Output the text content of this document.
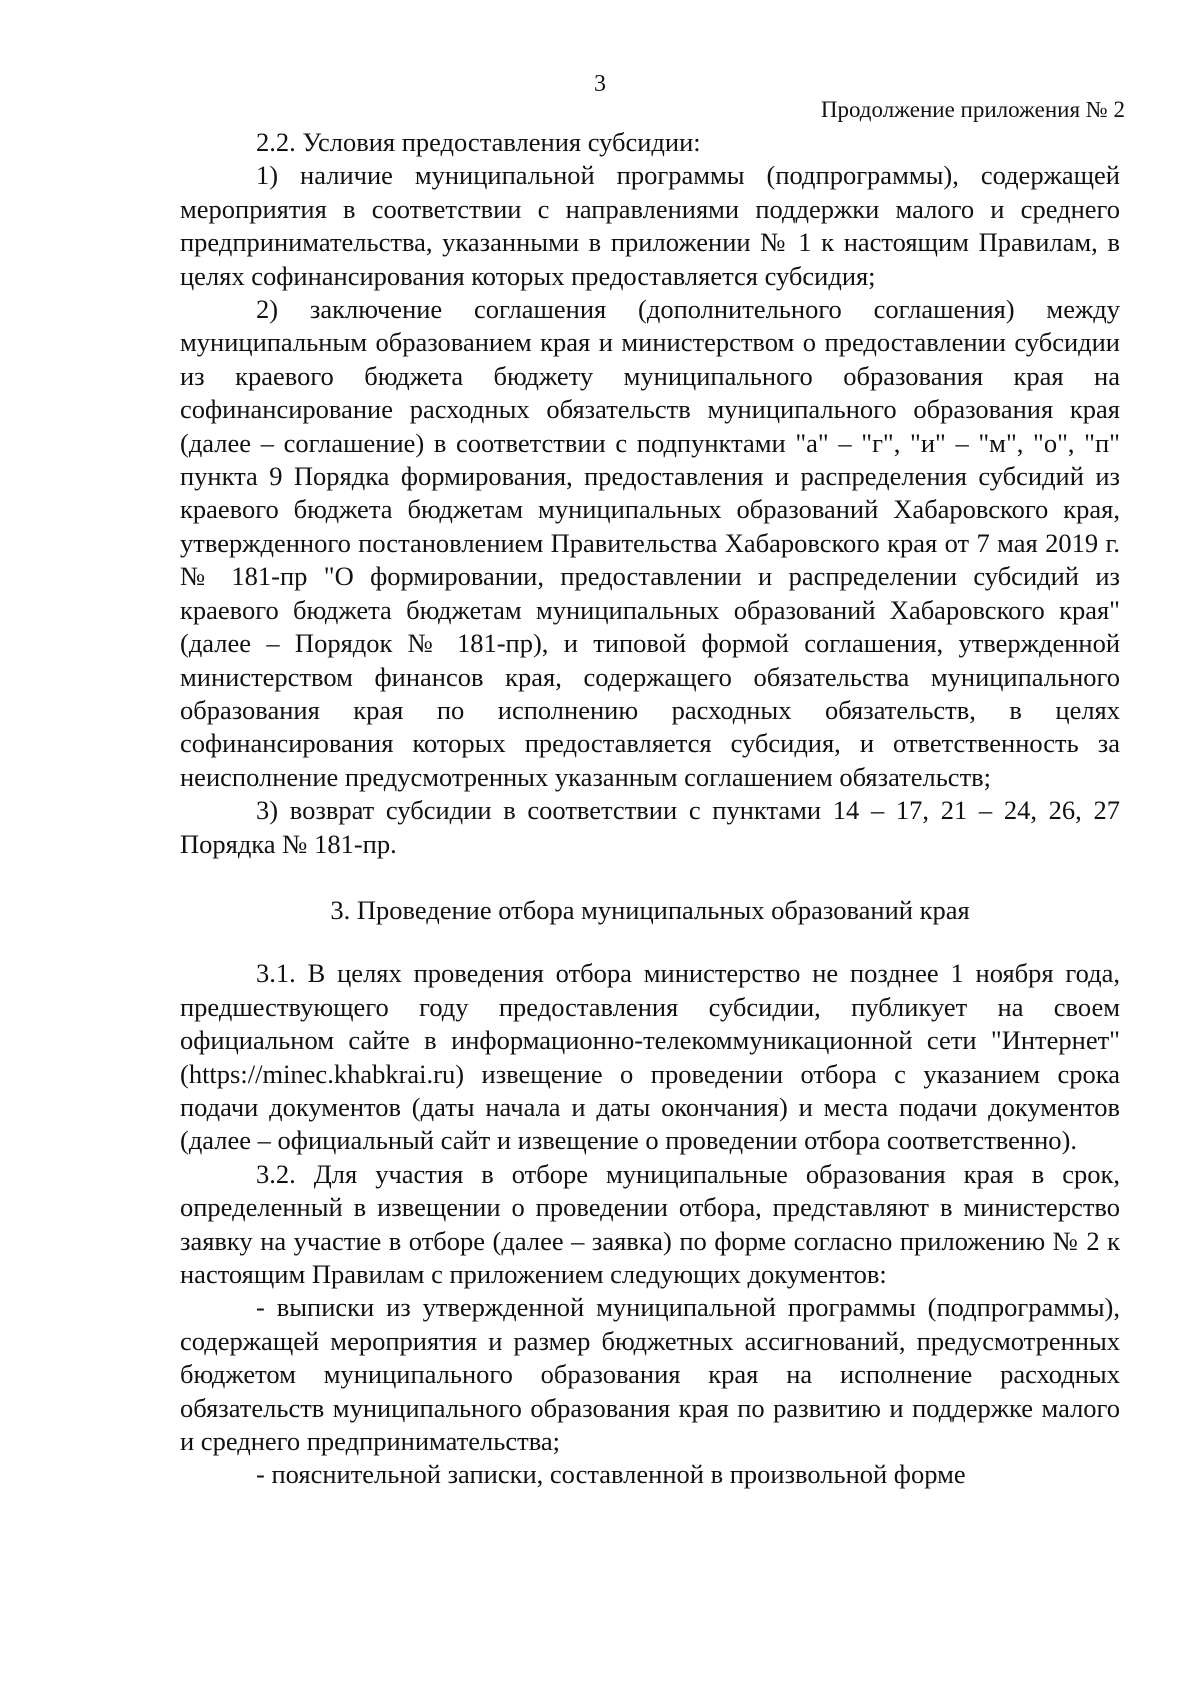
3
Продолжение приложения № 2

2.2. Условия предоставления субсидии:

1) наличие муниципальной программы (подпрограммы), содержащей мероприятия в соответствии с направлениями поддержки малого и среднего предпринимательства, указанными в приложении № 1 к настоящим Правилам, в целях софинансирования которых предоставляется субсидия;

2) заключение соглашения (дополнительного соглашения) между муниципальным образованием края и министерством о предоставлении субсидии из краевого бюджета бюджету муниципального образования края на софинансирование расходных обязательств муниципального образования края (далее – соглашение) в соответствии с подпунктами "а" – "г", "и" – "м", "о", "п" пункта 9 Порядка формирования, предоставления и распределения субсидий из краевого бюджета бюджетам муниципальных образований Хабаровского края, утвержденного постановлением Правительства Хабаровского края от 7 мая 2019 г. № 181-пр "О формировании, предоставлении и распределении субсидий из краевого бюджета бюджетам муниципальных образований Хабаровского края" (далее – Порядок № 181-пр), и типовой формой соглашения, утвержденной министерством финансов края, содержащего обязательства муниципального образования края по исполнению расходных обязательств, в целях софинансирования которых предоставляется субсидия, и ответственность за неисполнение предусмотренных указанным соглашением обязательств;

3) возврат субсидии в соответствии с пунктами 14 – 17, 21 – 24, 26, 27 Порядка № 181-пр.

3. Проведение отбора муниципальных образований края

3.1. В целях проведения отбора министерство не позднее 1 ноября года, предшествующего году предоставления субсидии, публикует на своем официальном сайте в информационно-телекоммуникационной сети "Интернет" (https://minec.khabkrai.ru) извещение о проведении отбора с указанием срока подачи документов (даты начала и даты окончания) и места подачи документов (далее – официальный сайт и извещение о проведении отбора соответственно).

3.2. Для участия в отборе муниципальные образования края в срок, определенный в извещении о проведении отбора, представляют в министерство заявку на участие в отборе (далее – заявка) по форме согласно приложению № 2 к настоящим Правилам с приложением следующих документов:

- выписки из утвержденной муниципальной программы (подпрограммы), содержащей мероприятия и размер бюджетных ассигнований, предусмотренных бюджетом муниципального образования края на исполнение расходных обязательств муниципального образования края по развитию и поддержке малого и среднего предпринимательства;

- пояснительной записки, составленной в произвольной форме
